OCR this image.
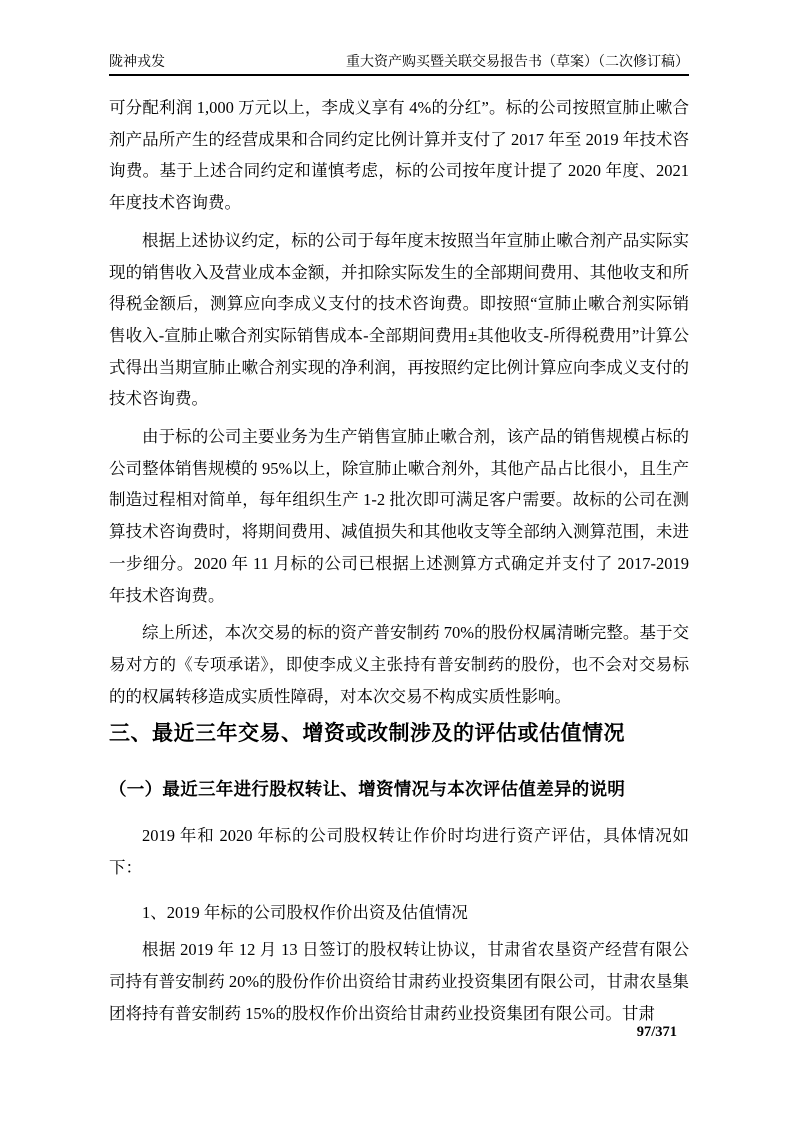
陇神戎发	重大资产购买暨关联交易报告书（草案）（二次修订稿）

可分配利润 1,000 万元以上，李成义享有 4%的分红”。标的公司按照宣肺止嗽合剂产品所产生的经营成果和合同约定比例计算并支付了 2017 年至 2019 年技术咨询费。基于上述合同约定和谨慎考虑，标的公司按年度计提了 2020 年度、2021 年度技术咨询费。

根据上述协议约定，标的公司于每年度末按照当年宣肺止嗽合剂产品实际实现的销售收入及营业成本金额，并扣除实际发生的全部期间费用、其他收支和所得税金额后，测算应向李成义支付的技术咨询费。即按照“宣肺止嗽合剂实际销售收入-宣肺止嗽合剂实际销售成本-全部期间费用±其他收支-所得税费用”计算公式得出当期宣肺止嗽合剂实现的净利润，再按照约定比例计算应向李成义支付的技术咨询费。

由于标的公司主要业务为生产销售宣肺止嗽合剂，该产品的销售规模占标的公司整体销售规模的 95%以上，除宣肺止嗽合剂外，其他产品占比很小，且生产制造过程相对简单，每年组织生产 1-2 批次即可满足客户需要。故标的公司在测算技术咨询费时，将期间费用、减值损失和其他收支等全部纳入测算范围，未进一步细分。2020 年 11 月标的公司已根据上述测算方式确定并支付了 2017-2019 年技术咨询费。

综上所述，本次交易的标的资产普安制药 70%的股份权属清晰完整。基于交易对方的《专项承诺》，即使李成义主张持有普安制药的股份，也不会对交易标的的权属转移造成实质性障碍，对本次交易不构成实质性影响。

三、最近三年交易、增资或改制涉及的评估或估值情况
（一）最近三年进行股权转让、增资情况与本次评估值差异的说明

2019 年和 2020 年标的公司股权转让作价时均进行资产评估，具体情况如下：

1、2019 年标的公司股权作价出资及估值情况

根据 2019 年 12 月 13 日签订的股权转让协议，甘肃省农垦资产经营有限公司持有普安制药 20%的股份作价出资给甘肃药业投资集团有限公司，甘肃农垦集团将持有普安制药 15%的股权作价出资给甘肃药业投资集团有限公司。甘肃

97/371
